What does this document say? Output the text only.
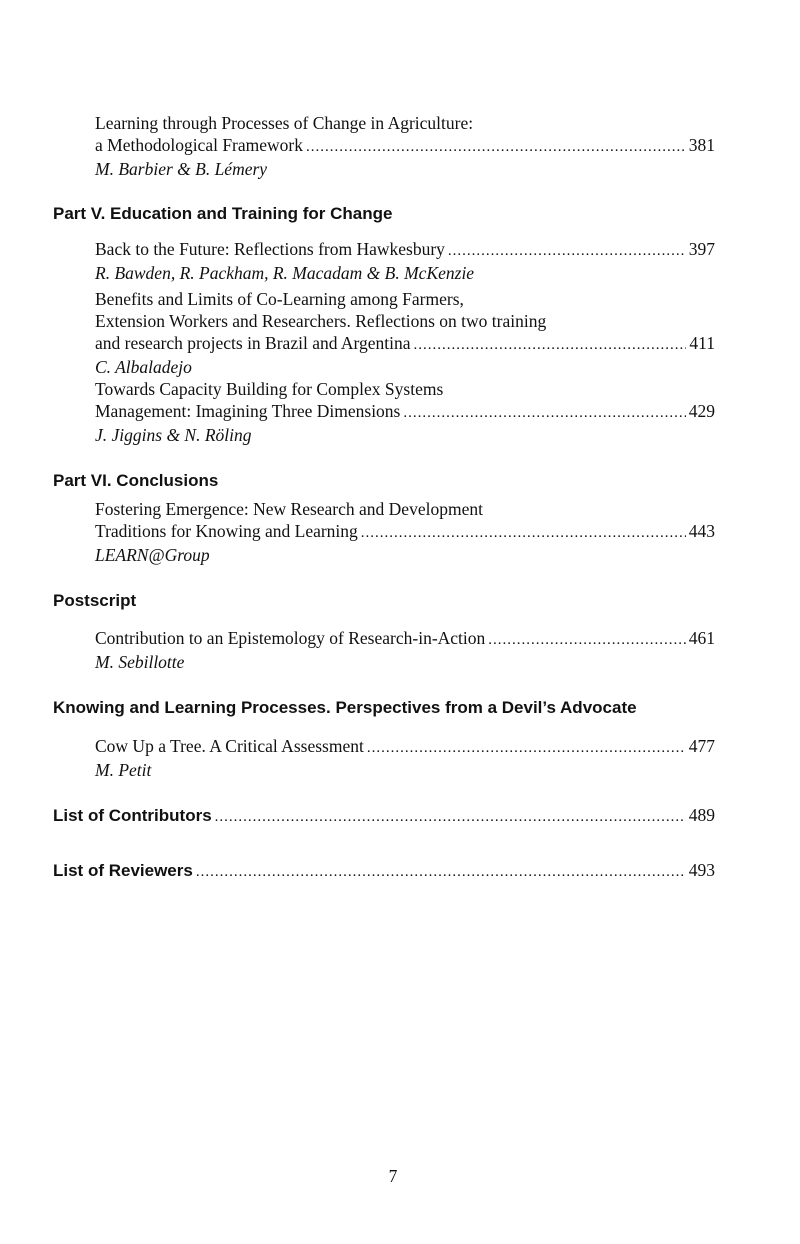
Learning through Processes of Change in Agriculture:
a Methodological Framework .....	381
M. Barbier & B. Lémery
Part V. Education and Training for Change
Back to the Future: Reflections from Hawkesbury .....	397
R. Bawden, R. Packham, R. Macadam & B. McKenzie
Benefits and Limits of Co-Learning among Farmers,
Extension Workers and Researchers. Reflections on two training
and research projects in Brazil and Argentina .....	411
C. Albaladejo
Towards Capacity Building for Complex Systems
Management: Imagining Three Dimensions .....	429
J. Jiggins & N. Röling
Part VI. Conclusions
Fostering Emergence: New Research and Development
Traditions for Knowing and Learning .....	443
LEARN@Group
Postscript
Contribution to an Epistemology of Research-in-Action .....	461
M. Sebillotte
Knowing and Learning Processes. Perspectives from a Devil’s Advocate
Cow Up a Tree. A Critical Assessment .....	477
M. Petit
List of Contributors .....	489
List of Reviewers .....	493
7
